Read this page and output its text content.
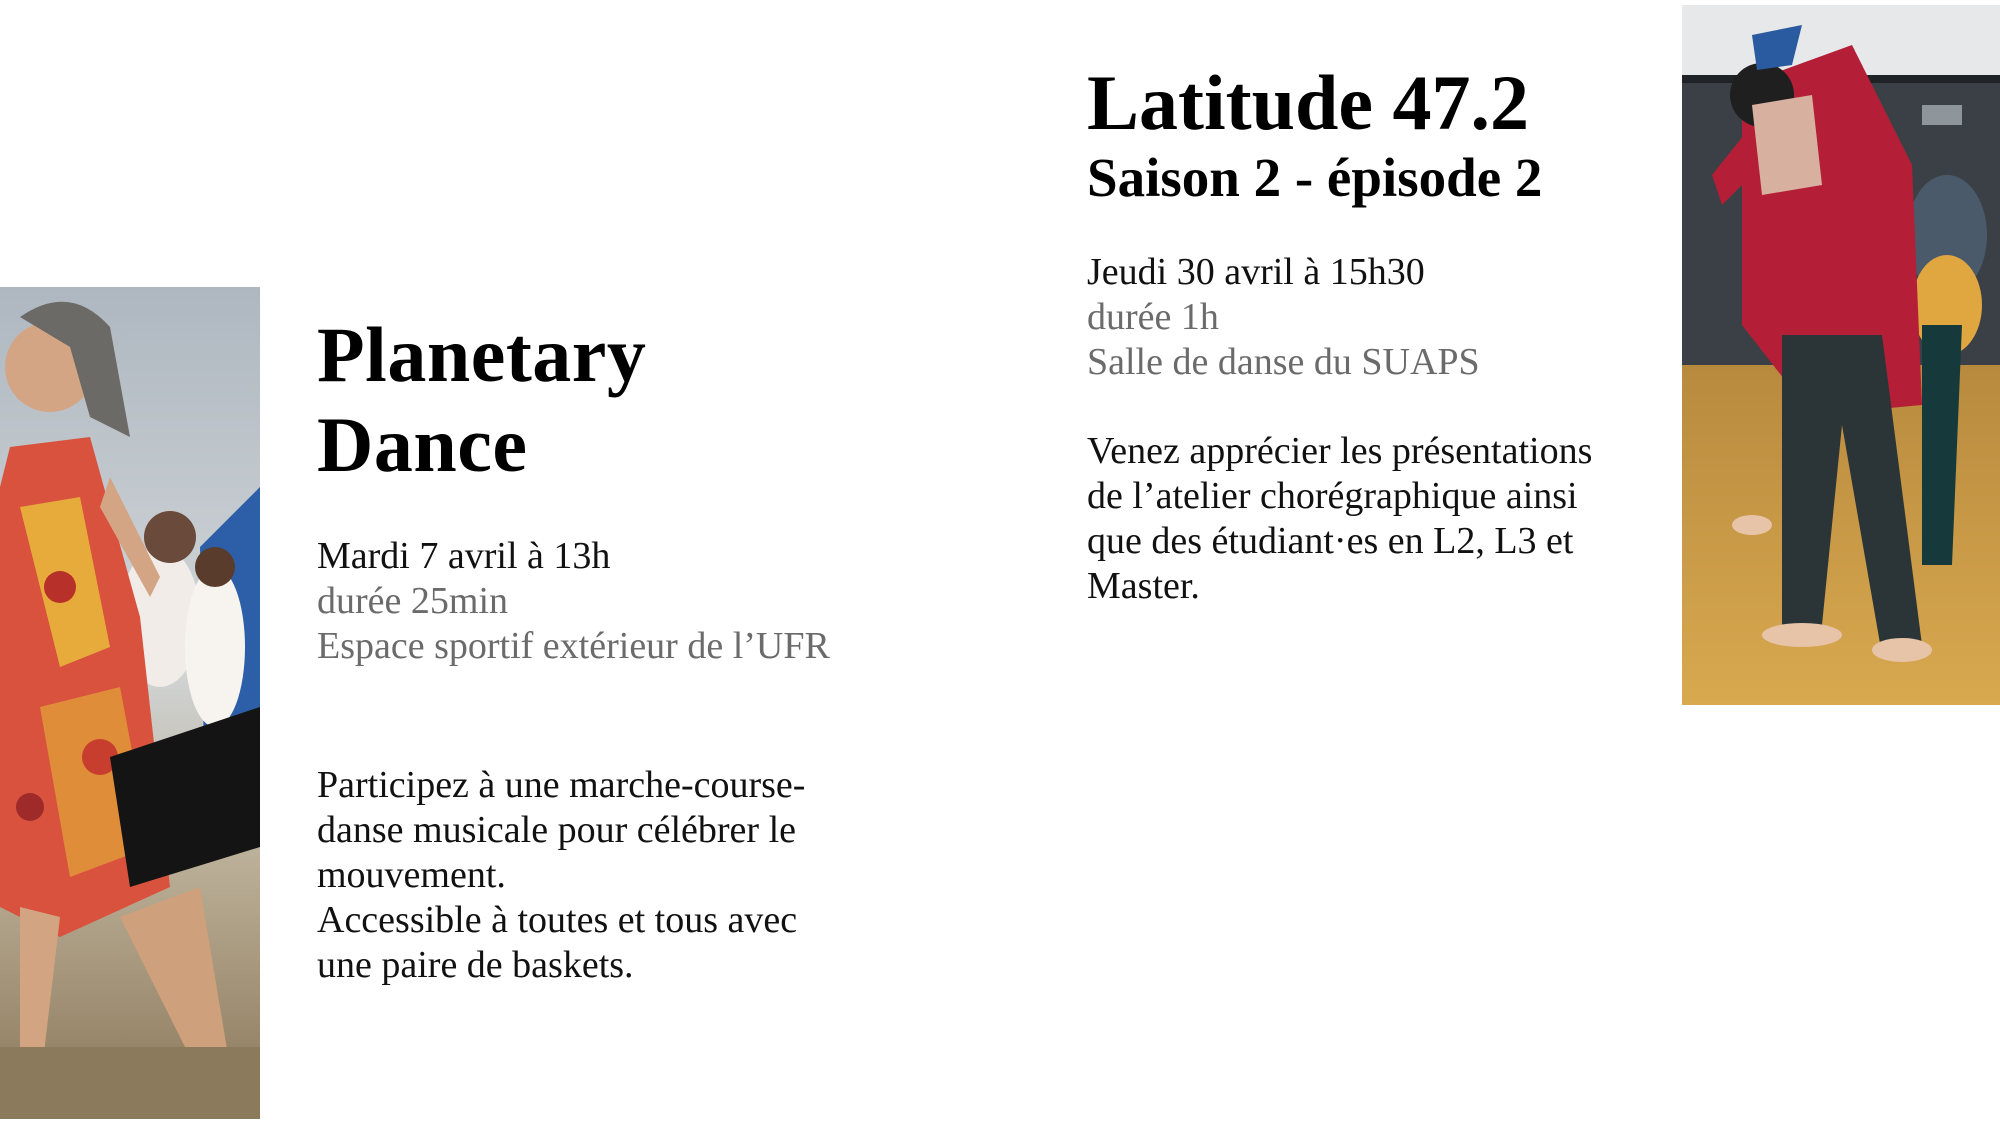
Planetary
Dance
Mardi 7 avril à 13h
durée 25min
Espace sportif extérieur de l’UFR
Participez à une marche-course-
danse musicale pour célébrer le
mouvement.
Accessible à toutes et tous avec
une paire de baskets.
Latitude 47.2
Saison 2 - épisode 2
Jeudi 30 avril à 15h30
durée 1h
Salle de danse du SUAPS
Venez apprécier les présentations
de l’atelier chorégraphique ainsi
que des étudiant·es en L2, L3 et
Master.
